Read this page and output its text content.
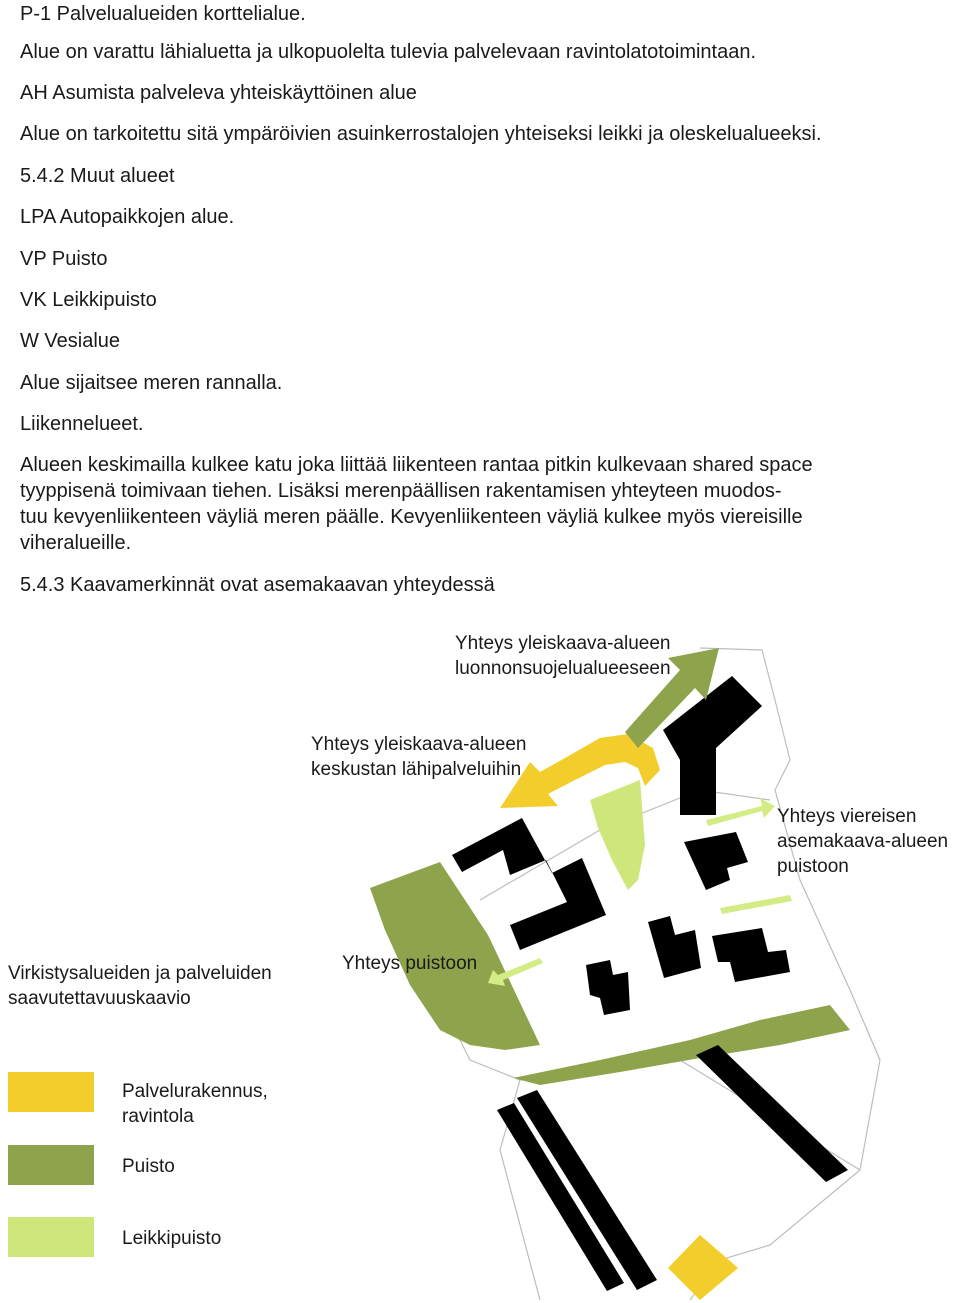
P-1 Palvelualueiden korttelialue.
Alue on varattu lähialuetta ja ulkopuolelta tulevia palvelevaan ravintolatotoimintaan.
AH Asumista palveleva yhteiskäyttöinen alue
Alue on tarkoitettu sitä ympäröivien asuinkerrostalojen yhteiseksi leikki ja oleskelualueeksi.
5.4.2 Muut alueet
LPA Autopaikkojen alue.
VP Puisto
VK Leikkipuisto
W Vesialue
Alue sijaitsee meren rannalla.
Liikennelueet.
Alueen keskimailla kulkee katu joka liittää liikenteen rantaa pitkin kulkevaan shared space
tyyppisenä toimivaan tiehen. Lisäksi merenpäällisen rakentamisen yhteyteen muodos-
tuu kevyenliikenteen väyliä meren päälle. Kevyenliikenteen väyliä kulkee myös viereisille
viheralueille.
5.4.3 Kaavamerkinnät ovat asemakaavan yhteydessä
Yhteys yleiskaava-alueen
luonnonsuojelualueeseen
Yhteys yleiskaava-alueen
keskustan lähipalveluihin
Yhteys viereisen
asemakaava-alueen
puistoon
Yhteys puistoon
Virkistysalueiden ja palveluiden
saavutettavuuskaavio
Palvelurakennus,
ravintola
Puisto
Leikkipuisto
